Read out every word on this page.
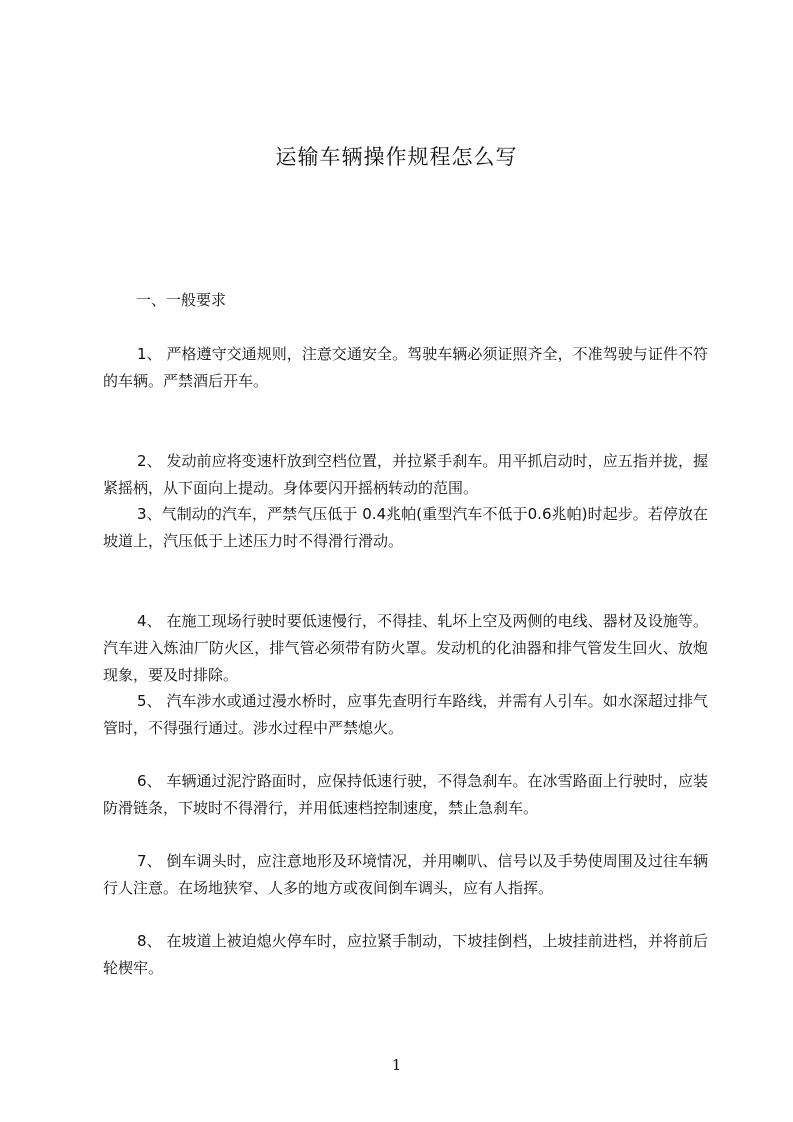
运输车辆操作规程怎么写
一、一般要求

1、 严格遵守交通规则，注意交通安全。驾驶车辆必须证照齐全，不准驾驶与证件不符的车辆。严禁酒后开车。

2、 发动前应将变速杆放到空档位置，并拉紧手刹车。用平抓启动时，应五指并拢，握紧摇柄，从下面向上提动。身体要闪开摇柄转动的范围。

3、气制动的汽车，严禁气压低于 0.4兆帕(重型汽车不低于0.6兆帕)时起步。若停放在坡道上，汽压低于上述压力时不得滑行滑动。

4、 在施工现场行驶时要低速慢行，不得挂、轧坏上空及两侧的电线、器材及设施等。汽车进入炼油厂防火区，排气管必须带有防火罩。发动机的化油器和排气管发生回火、放炮现象，要及时排除。

5、 汽车涉水或通过漫水桥时，应事先查明行车路线，并需有人引车。如水深超过排气管时，不得强行通过。涉水过程中严禁熄火。

6、 车辆通过泥泞路面时，应保持低速行驶，不得急刹车。在冰雪路面上行驶时，应装防滑链条，下坡时不得滑行，并用低速档控制速度，禁止急刹车。

7、 倒车调头时，应注意地形及环境情况，并用喇叭、信号以及手势使周围及过往车辆行人注意。在场地狭窄、人多的地方或夜间倒车调头，应有人指挥。

8、 在坡道上被迫熄火停车时，应拉紧手制动，下坡挂倒档，上坡挂前进档，并将前后轮楔牢。

1
